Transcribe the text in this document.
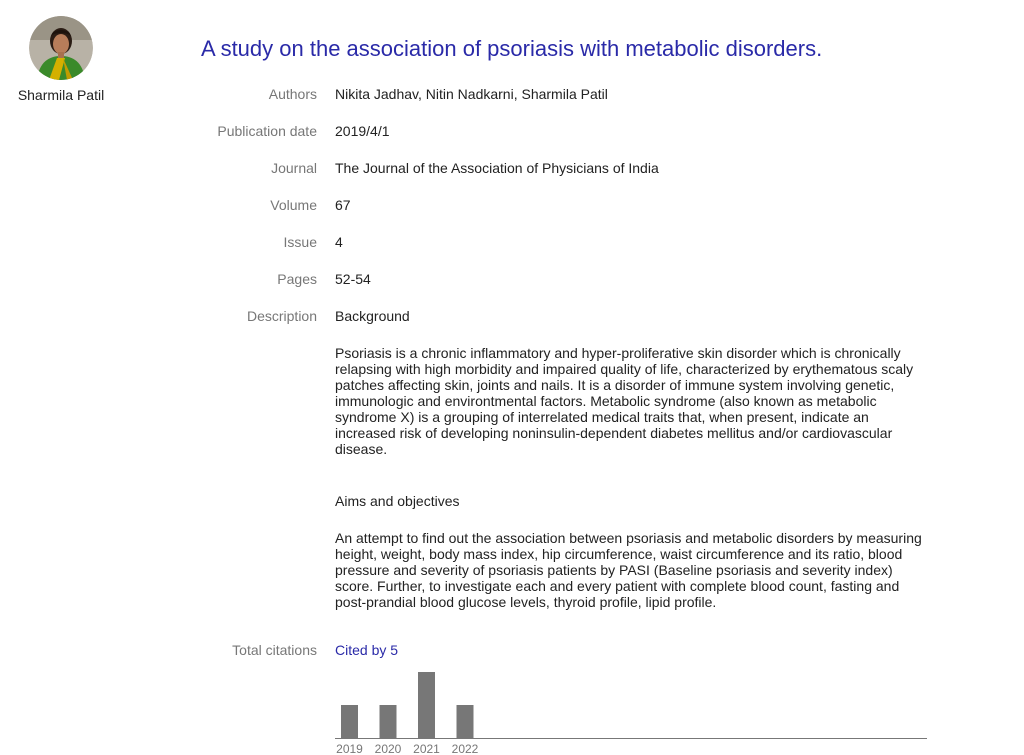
Sharmila Patil
A study on the association of psoriasis with metabolic disorders.
Authors Nikita Jadhav, Nitin Nadkarni, Sharmila Patil
Publication date 2019/4/1
Journal The Journal of the Association of Physicians of India
Volume 67
Issue 4
Pages 52-54
Description Background

Psoriasis is a chronic inflammatory and hyper-proliferative skin disorder which is chronically relapsing with high morbidity and impaired quality of life, characterized by erythematous scaly patches affecting skin, joints and nails. It is a disorder of immune system involving genetic, immunologic and environtmental factors. Metabolic syndrome (also known as metabolic syndrome X) is a grouping of interrelated medical traits that, when present, indicate an increased risk of developing noninsulin-dependent diabetes mellitus and/or cardiovascular disease.

Aims and objectives

An attempt to find out the association between psoriasis and metabolic disorders by measuring height, weight, body mass index, hip circumference, waist circumference and its ratio, blood pressure and severity of psoriasis patients by PASI (Baseline psoriasis and severity index) score. Further, to investigate each and every patient with complete blood count, fasting and post-prandial blood glucose levels, thyroid profile, lipid profile.

Total citations Cited by 5
2019 2020 2021 2022
